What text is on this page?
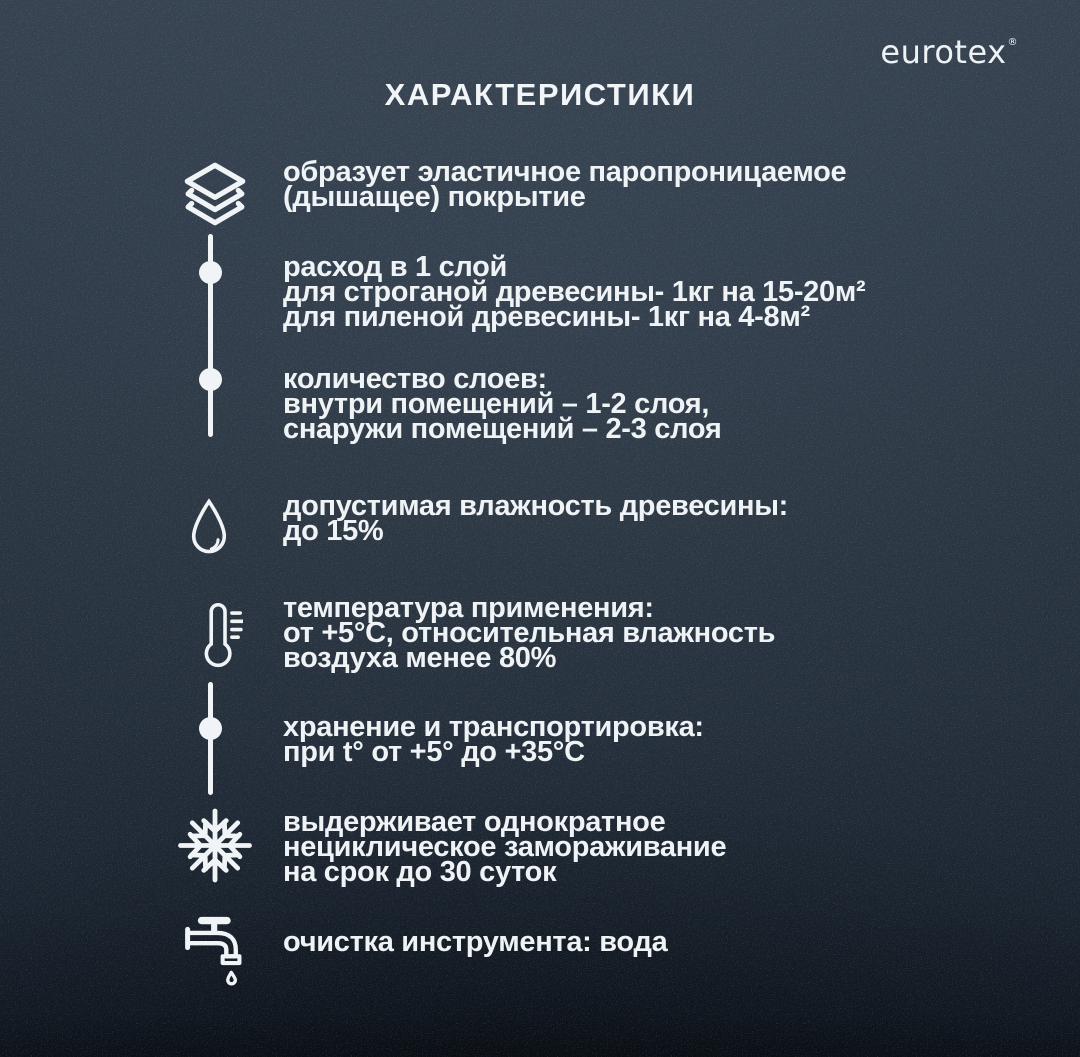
eurotex®
ХАРАКТЕРИСТИКИ
образует эластичное паропроницаемое
(дышащее) покрытие
расход в 1 слой
для строганой древесины- 1кг на 15-20м²
для пиленой древесины- 1кг на 4-8м²
количество слоев:
внутри помещений – 1-2 слоя,
снаружи помещений – 2-3 слоя
допустимая влажность древесины:
до 15%
температура применения:
от +5°С, относительная влажность
воздуха менее 80%
хранение и транспортировка:
при t° от +5° до +35°С
выдерживает однократное
нециклическое замораживание
на срок до 30 суток
очистка инструмента: вода
